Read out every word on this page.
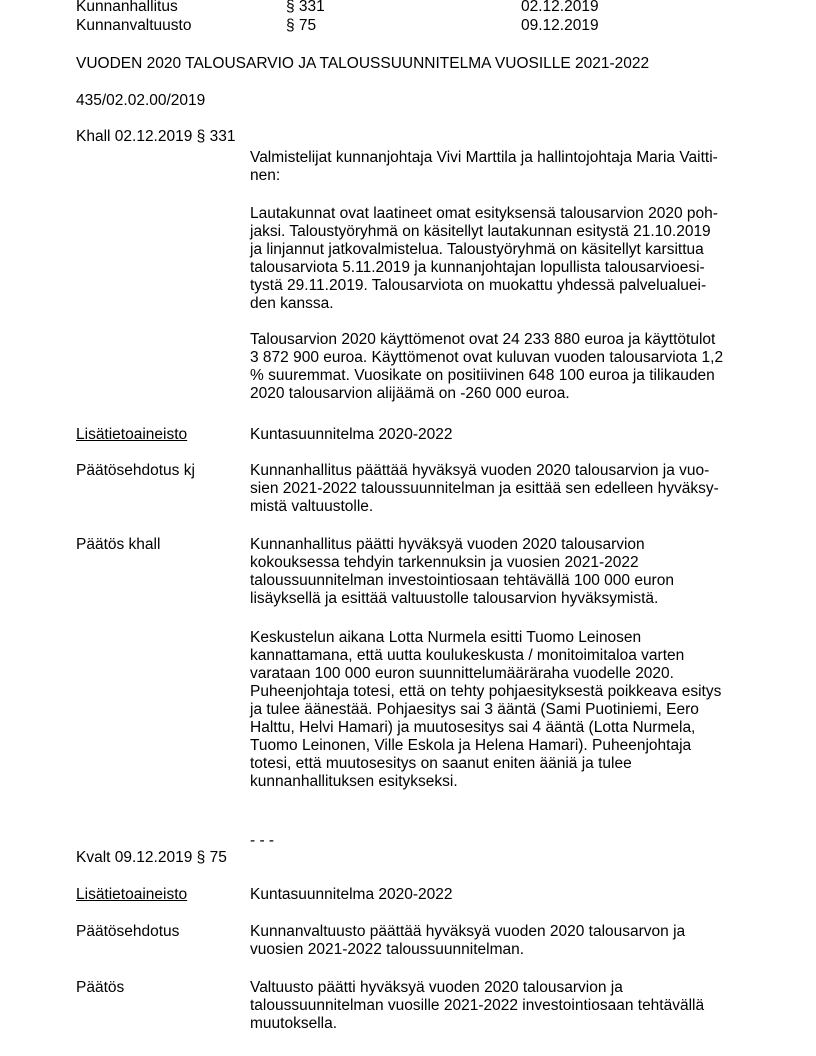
Kunnanhallitus	§ 331	02.12.2019
Kunnanvaltuusto	§ 75	09.12.2019
VUODEN 2020 TALOUSARVIO JA TALOUSSUUNNITELMA VUOSILLE 2021-2022
435/02.02.00/2019
Khall 02.12.2019 § 331
Valmistelijat kunnanjohtaja Vivi Marttila ja hallintojohtaja Maria Vaitti-
nen:
Lautakunnat ovat laatineet omat esityksensä talousarvion 2020 poh-
jaksi. Taloustyöryhmä on käsitellyt lautakunnan esitystä 21.10.2019
ja linjannut jatkovalmistelua. Taloustyöryhmä on käsitellyt karsittua
talousarviota 5.11.2019 ja kunnanjohtajan lopullista talousarvioesi-
tystä 29.11.2019. Talousarviota on muokattu yhdessä palvelualuei-
den kanssa.
Talousarvion 2020 käyttömenot ovat 24 233 880 euroa ja käyttötulot
3 872 900 euroa. Käyttömenot ovat kuluvan vuoden talousarviota 1,2
% suuremmat. Vuosikate on positiivinen 648 100 euroa ja tilikauden
2020 talousarvion alijäämä on -260 000 euroa.
Lisätietoaineisto	Kuntasuunnitelma 2020-2022
Päätösehdotus kj	Kunnanhallitus päättää hyväksyä vuoden 2020 talousarvion ja vuo-
sien 2021-2022 taloussuunnitelman ja esittää sen edelleen hyväksy-
mistä valtuustolle.
Päätös khall	Kunnanhallitus päätti hyväksyä vuoden 2020 talousarvion
kokouksessa tehdyin tarkennuksin ja vuosien 2021-2022
taloussuunnitelman investointiosaan tehtävällä 100 000 euron
lisäyksellä ja esittää valtuustolle talousarvion hyväksymistä.
Keskustelun aikana Lotta Nurmela esitti Tuomo Leinosen
kannattamana, että uutta koulukeskusta / monitoimitaloa varten
varataan 100 000 euron suunnittelumääräraha vuodelle 2020.
Puheenjohtaja totesi, että on tehty pohjaesityksestä poikkeava esitys
ja tulee äänestää. Pohjaesitys sai 3 ääntä (Sami Puotiniemi, Eero
Halttu, Helvi Hamari) ja muutosesitys sai 4 ääntä (Lotta Nurmela,
Tuomo Leinonen, Ville Eskola ja Helena Hamari). Puheenjohtaja
totesi, että muutosesitys on saanut eniten ääniä ja tulee
kunnanhallituksen esitykseksi.
- - -
Kvalt 09.12.2019 § 75
Lisätietoaineisto	Kuntasuunnitelma 2020-2022
Päätösehdotus	Kunnanvaltuusto päättää hyväksyä vuoden 2020 talousarvon ja
vuosien 2021-2022 taloussuunnitelman.
Päätös	Valtuusto päätti hyväksyä vuoden 2020 talousarvion ja
taloussuunnitelman vuosille 2021-2022 investointiosaan tehtävällä
muutoksella.
